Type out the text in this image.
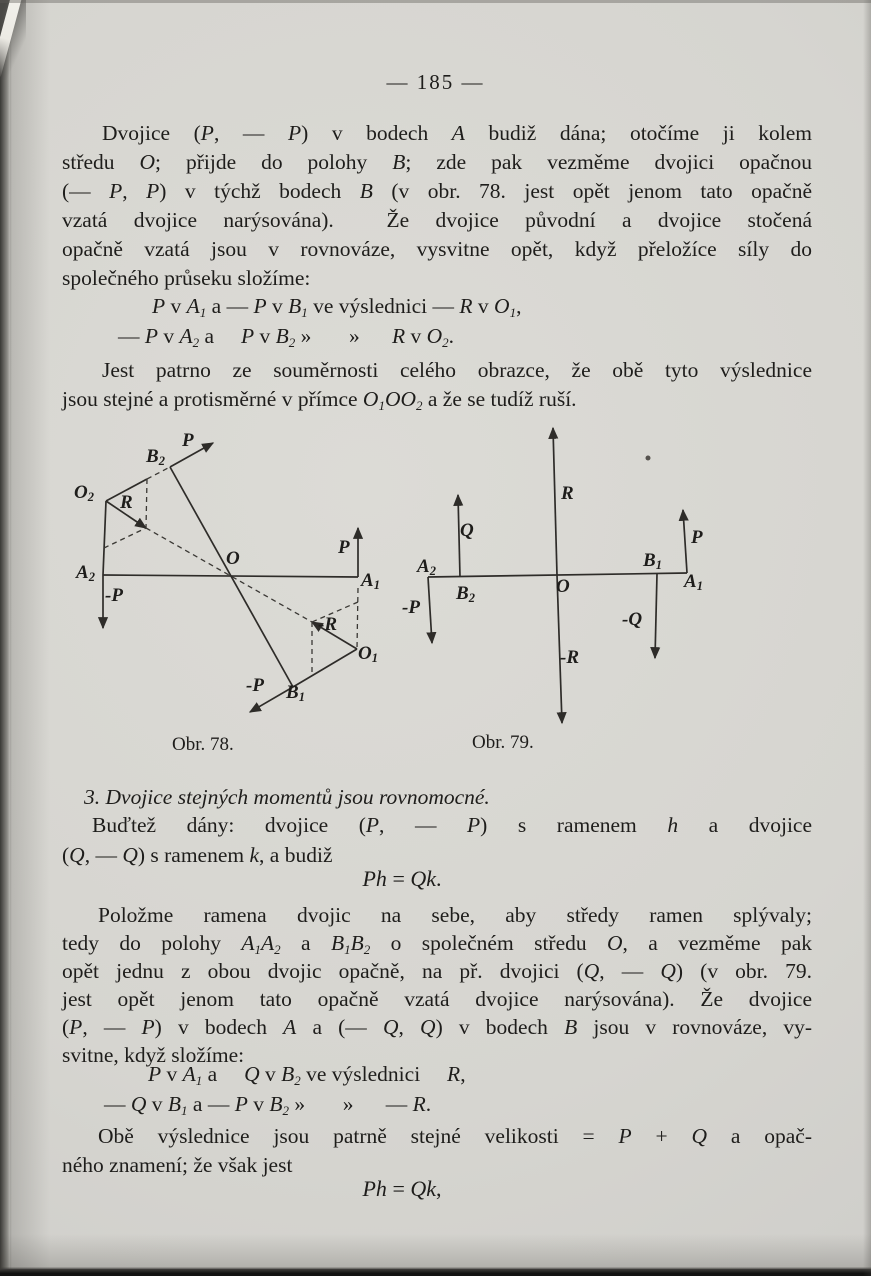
— 185 —
Dvojice (P, — P) v bodech A budiž dána; otočíme ji kolem
středu O; přijde do polohy B; zde pak vezměme dvojici opačnou
(— P, P) v týchž bodech B (v obr. 78. jest opět jenom tato opačně
vzatá dvojice narýsována).  Že dvojice původní a dvojice stočená
opačně vzatá jsou v rovnováze, vysvitne opět, když přeložíce síly do
společného průseku složíme:
P v $A_1$ a — P v $B_1$ ve výslednici — R v $O_1$,
— P v $A_2$ a     P v $B_2$ »       »      R v $O_2$.
Jest patrno ze souměrnosti celého obrazce, že obě tyto výslednice
jsou stejné a protisměrné v přímce $O_1OO_2$ a že se tudíž ruší.
P
$B_2$
$O_2$ R
O
P
$A_2$	$A_1$
-P
-R
$O_1$
-P $B_1$
R
Q
$A_2$
$B_2$
O
$B_1$
$A_1$
P
-P
-Q
-R
Obr. 78.	Obr. 79.
3. Dvojice stejných momentů jsou rovnomocné.
Buďtež dány: dvojice (P, — P) s ramenem h a dvojice
(Q, — Q) s ramenem k, a budiž
Ph = Qk.
Položme ramena dvojic na sebe, aby středy ramen splývaly;
tedy do polohy $A_1A_2$ a $B_1B_2$ o společném středu O, a vezměme pak
opět jednu z obou dvojic opačně, na př. dvojici (Q, — Q) (v obr. 79.
jest opět jenom tato opačně vzatá dvojice narýsována). Že dvojice
(P, — P) v bodech A a (— Q, Q) v bodech B jsou v rovnováze, vy-
svitne, když složíme:
P v $A_1$ a     Q v $B_2$ ve výslednici     R,
— Q v $B_1$ a — P v $B_2$ »       »      — R.
Obě výslednice jsou patrně stejné velikosti = P + Q a opač-
ného znamení; že však jest
Ph = Qk,
